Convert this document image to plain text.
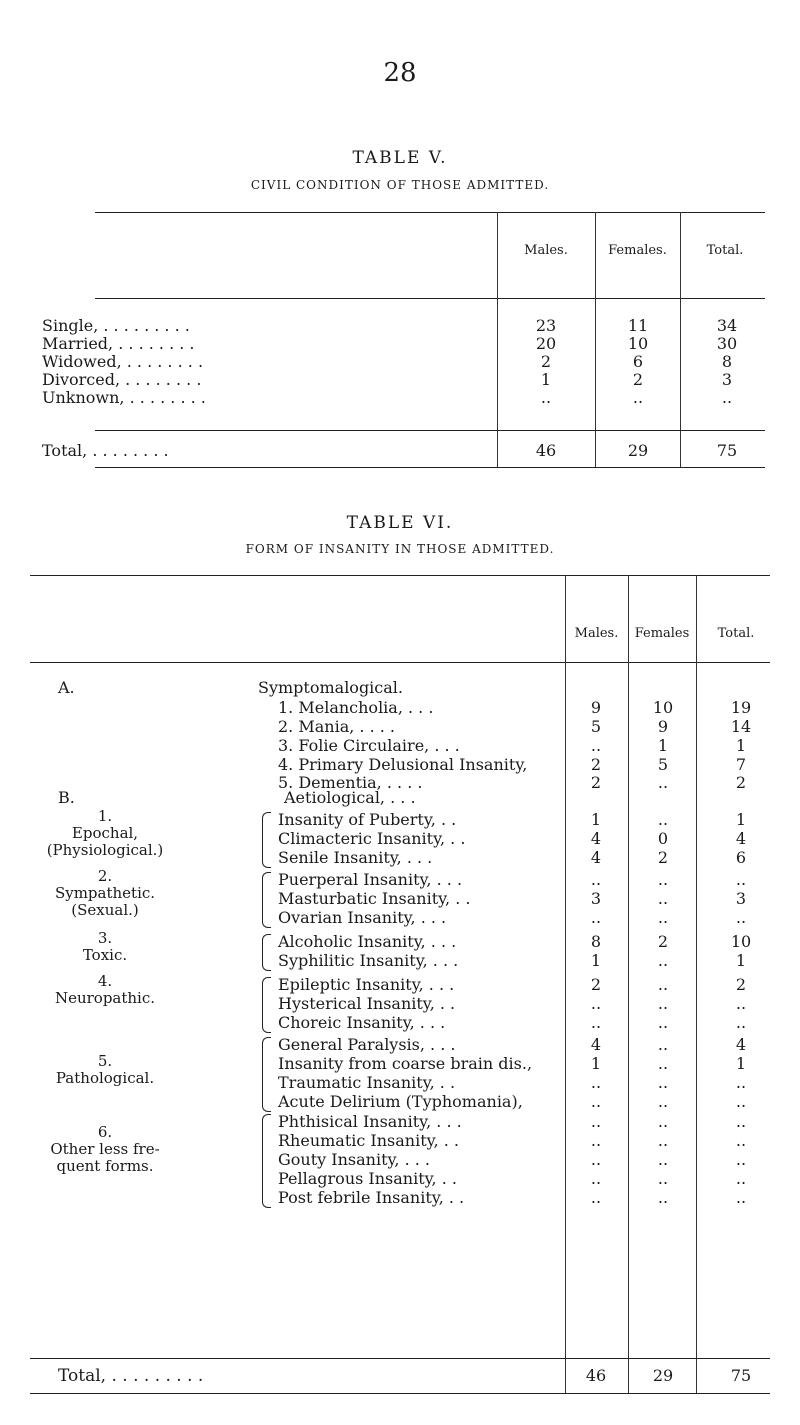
28
TABLE V.
CIVIL CONDITION OF THOSE ADMITTED.
Males.	Females.	Total.
Single, . . . . . . . . .	23	11	34
Married, . . . . . . . .	20	10	30
Widowed, . . . . . . . .	2	6	8
Divorced, . . . . . . . .	1	2	3
Unknown, . . . . . . . .	..	..	..
Total, . . . . . . . .	46	29	75
TABLE VI.
FORM OF INSANITY IN THOSE ADMITTED.
Males.	Females	Total.
A.	Symptomalogical.
B.	Aetiological, . . .
1. Melancholia, . . .	9	10	19
2. Mania, . . . .	5	9	14
3. Folie Circulaire, . . .	..	1	1
4. Primary Delusional Insanity,	2	5	7
5. Dementia, . . . .	2	..	2
1.
Epochal,
(Physiological.)
Insanity of Puberty, . .	1	..	1
Climacteric Insanity, . .	4	0	4
Senile Insanity, . . .	4	2	6
2.
Sympathetic.
(Sexual.)
Puerperal Insanity, . . .	..	..	..
Masturbatic Insanity, . .	3	..	3
Ovarian Insanity, . . .	..	..	..
3.
Toxic.
Alcoholic Insanity, . . .	8	2	10
Syphilitic Insanity, . . .	1	..	1
4.
Neuropathic.
Epileptic Insanity, . . .	2	..	2
Hysterical Insanity, . .	..	..	..
Choreic Insanity, . . .	..	..	..
5.
Pathological.
General Paralysis, . . .	4	..	4
Insanity from coarse brain dis.,	1	..	1
Traumatic Insanity, . .	..	..	..
Acute Delirium (Typhomania),	..	..	..
6.
Other less fre-
quent forms.
Phthisical Insanity, . . .	..	..	..
Rheumatic Insanity, . .	..	..	..
Gouty Insanity, . . .	..	..	..
Pellagrous Insanity, . .	..	..	..
Post febrile Insanity, . .	..	..	..
Total, . . . . . . . . .	46	29	75
